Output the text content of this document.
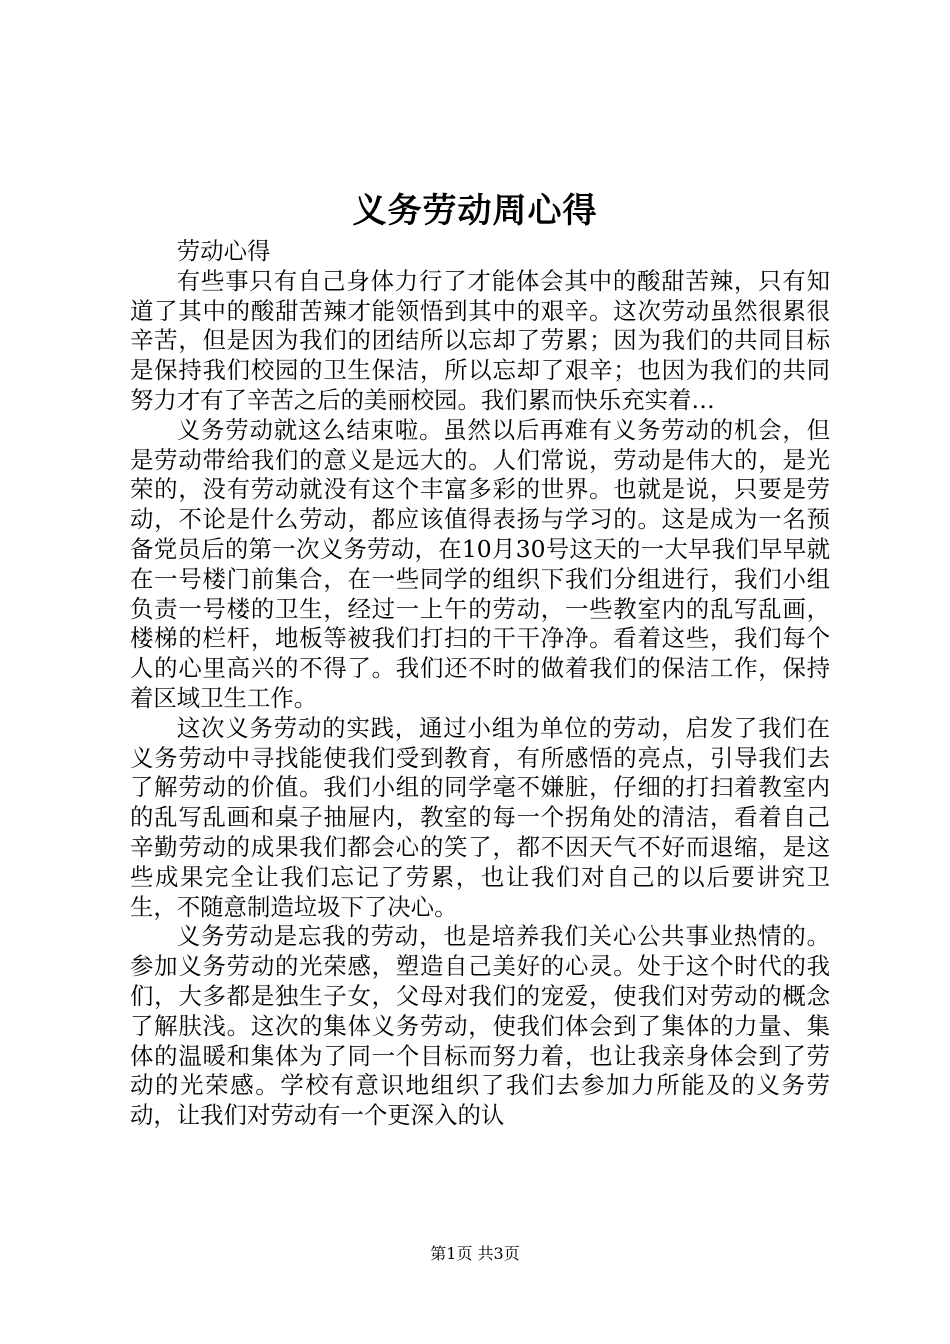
义务劳动周心得

劳动心得

有些事只有自己身体力行了才能体会其中的酸甜苦辣，只有知道了其中的酸甜苦辣才能领悟到其中的艰辛。这次劳动虽然很累很辛苦，但是因为我们的团结所以忘却了劳累；因为我们的共同目标是保持我们校园的卫生保洁，所以忘却了艰辛；也因为我们的共同努力才有了辛苦之后的美丽校园。我们累而快乐充实着…

义务劳动就这么结束啦。虽然以后再难有义务劳动的机会，但是劳动带给我们的意义是远大的。人们常说，劳动是伟大的，是光荣的，没有劳动就没有这个丰富多彩的世界。也就是说，只要是劳动，不论是什么劳动，都应该值得表扬与学习的。这是成为一名预备党员后的第一次义务劳动，在10月30号这天的一大早我们早早就在一号楼门前集合，在一些同学的组织下我们分组进行，我们小组负责一号楼的卫生，经过一上午的劳动，一些教室内的乱写乱画，楼梯的栏杆，地板等被我们打扫的干干净净。看着这些，我们每个人的心里高兴的不得了。我们还不时的做着我们的保洁工作，保持着区域卫生工作。

这次义务劳动的实践，通过小组为单位的劳动，启发了我们在义务劳动中寻找能使我们受到教育，有所感悟的亮点，引导我们去了解劳动的价值。我们小组的同学毫不嫌脏，仔细的打扫着教室内的乱写乱画和桌子抽屉内，教室的每一个拐角处的清洁，看着自己辛勤劳动的成果我们都会心的笑了，都不因天气不好而退缩，是这些成果完全让我们忘记了劳累，也让我们对自己的以后要讲究卫生，不随意制造垃圾下了决心。

义务劳动是忘我的劳动，也是培养我们关心公共事业热情的。参加义务劳动的光荣感，塑造自己美好的心灵。处于这个时代的我们，大多都是独生子女，父母对我们的宠爱，使我们对劳动的概念了解肤浅。这次的集体义务劳动，使我们体会到了集体的力量、集体的温暖和集体为了同一个目标而努力着，也让我亲身体会到了劳动的光荣感。学校有意识地组织了我们去参加力所能及的义务劳动，让我们对劳动有一个更深入的认

第1页 共3页
